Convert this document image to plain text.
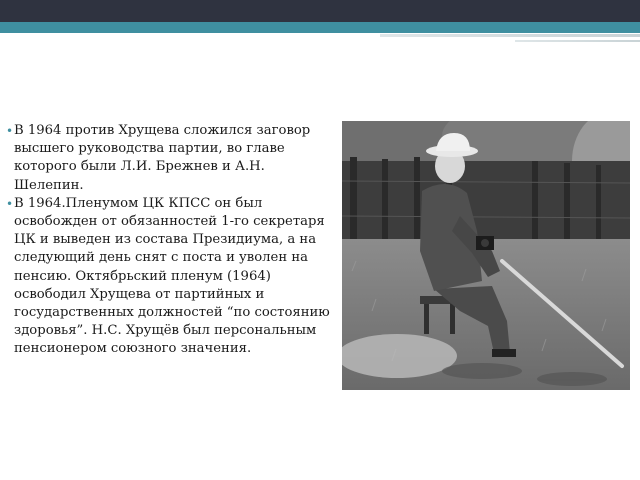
• В 1964 против Хрущева сложился заговор высшего руководства партии, во главе которого были Л.И. Брежнев и А.Н. Шелепин.
• В 1964.Пленумом ЦК КПСС он был освобожден от обязанностей 1-го секретаря ЦК и выведен из состава Президиума, а на следующий день снят с поста и уволен на пенсию. Октябрьский пленум (1964) освободил Хрущева от партийных и государственных должностей “по состоянию здоровья”. Н.С. Хрущёв был персональным пенсионером союзного значения.
